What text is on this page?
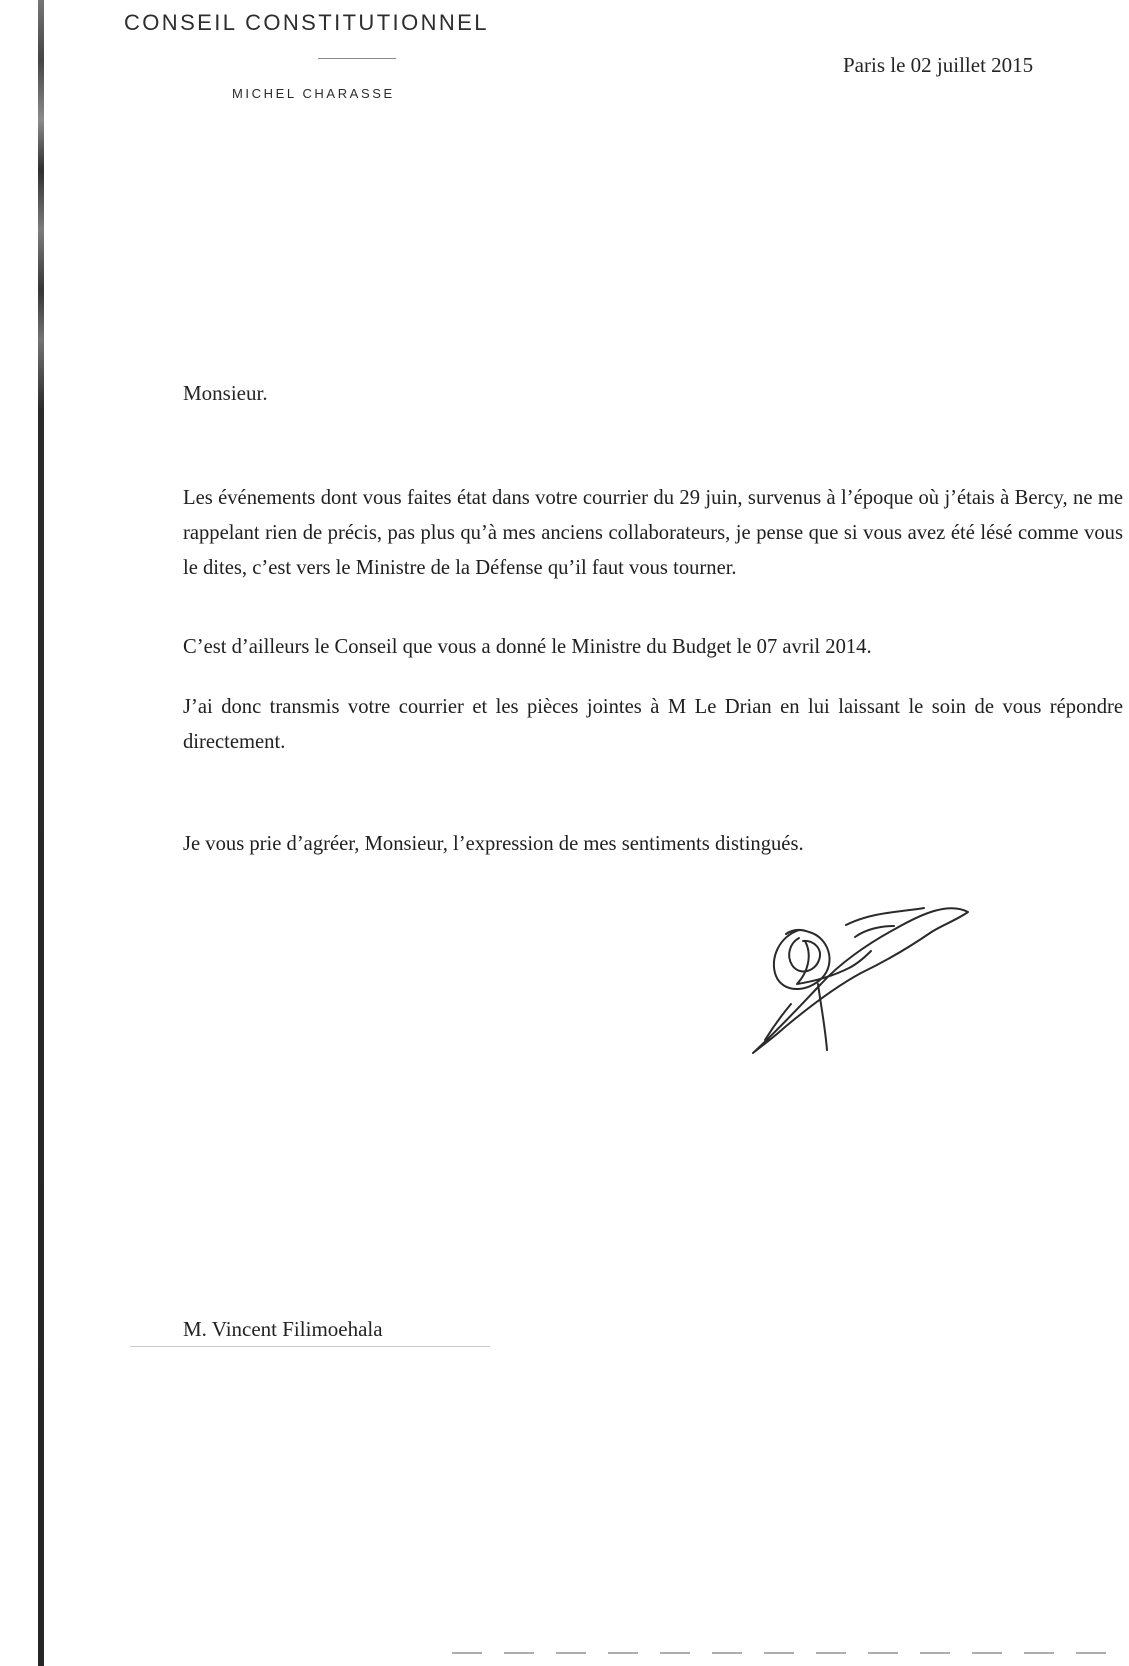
CONSEIL CONSTITUTIONNEL
MICHEL CHARASSE
Paris le 02 juillet 2015
Monsieur.

Les événements dont vous faites état dans votre courrier du 29 juin, survenus à l’époque où j’étais à Bercy, ne me rappelant rien de précis, pas plus qu’à mes anciens collaborateurs, je pense que si vous avez été lésé comme vous le dites, c’est vers le Ministre de la Défense qu’il faut vous tourner.

C’est d’ailleurs le Conseil que vous a donné le Ministre du Budget le 07 avril 2014.

J’ai donc transmis votre courrier et les pièces jointes à M Le Drian en lui laissant le soin de vous répondre directement.

Je vous prie d’agréer, Monsieur, l’expression de mes sentiments distingués.
M. Vincent Filimoehala
